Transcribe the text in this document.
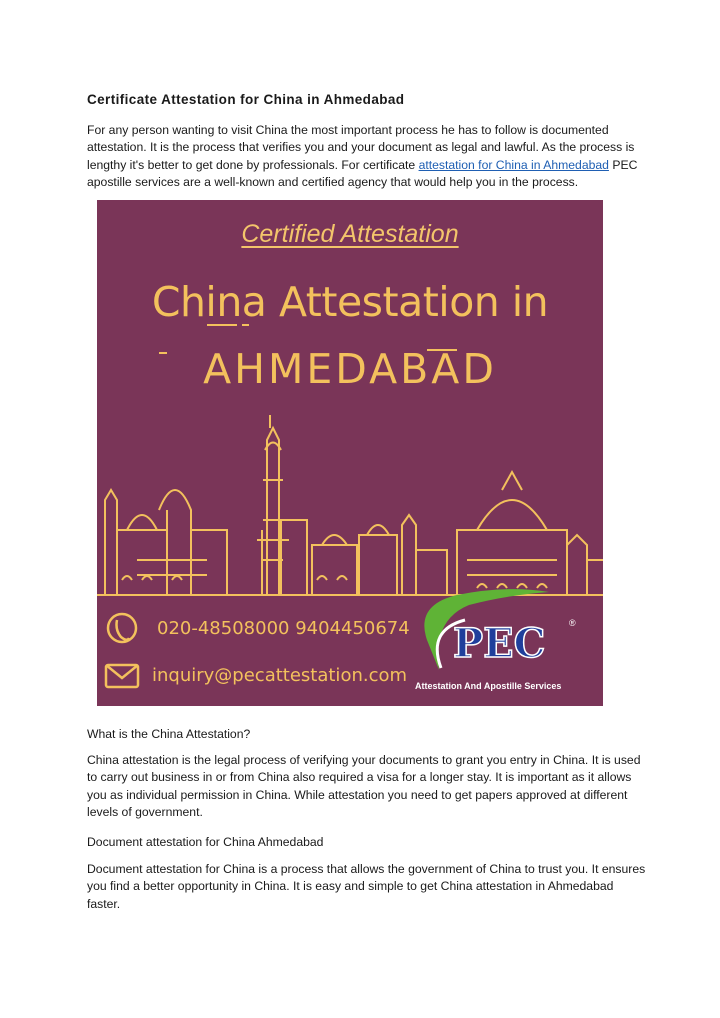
Certificate Attestation for China in Ahmedabad

For any person wanting to visit China the most important process he has to follow is documented attestation. It is the process that verifies you and your document as legal and lawful. As the process is lengthy it's better to get done by professionals. For certificate attestation for China in Ahmedabad PEC apostille services are a well-known and certified agency that would help you in the process.

What is the China Attestation?

China attestation is the legal process of verifying your documents to grant you entry in China. It is used to carry out business in or from China also required a visa for a longer stay. It is important as it allows you as individual permission in China. While attestation you need to get papers approved at different levels of government.

Document attestation for China Ahmedabad

Document attestation for China is a process that allows the government of China to trust you. It ensures you find a better opportunity in China. It is easy and simple to get China attestation in Ahmedabad faster.

Certified Attestation
China Attestation in
AHMEDABAD
020-48508000 9404450674
inquiry@pecattestation.com
PEC	®
Attestation And Apostille Services
